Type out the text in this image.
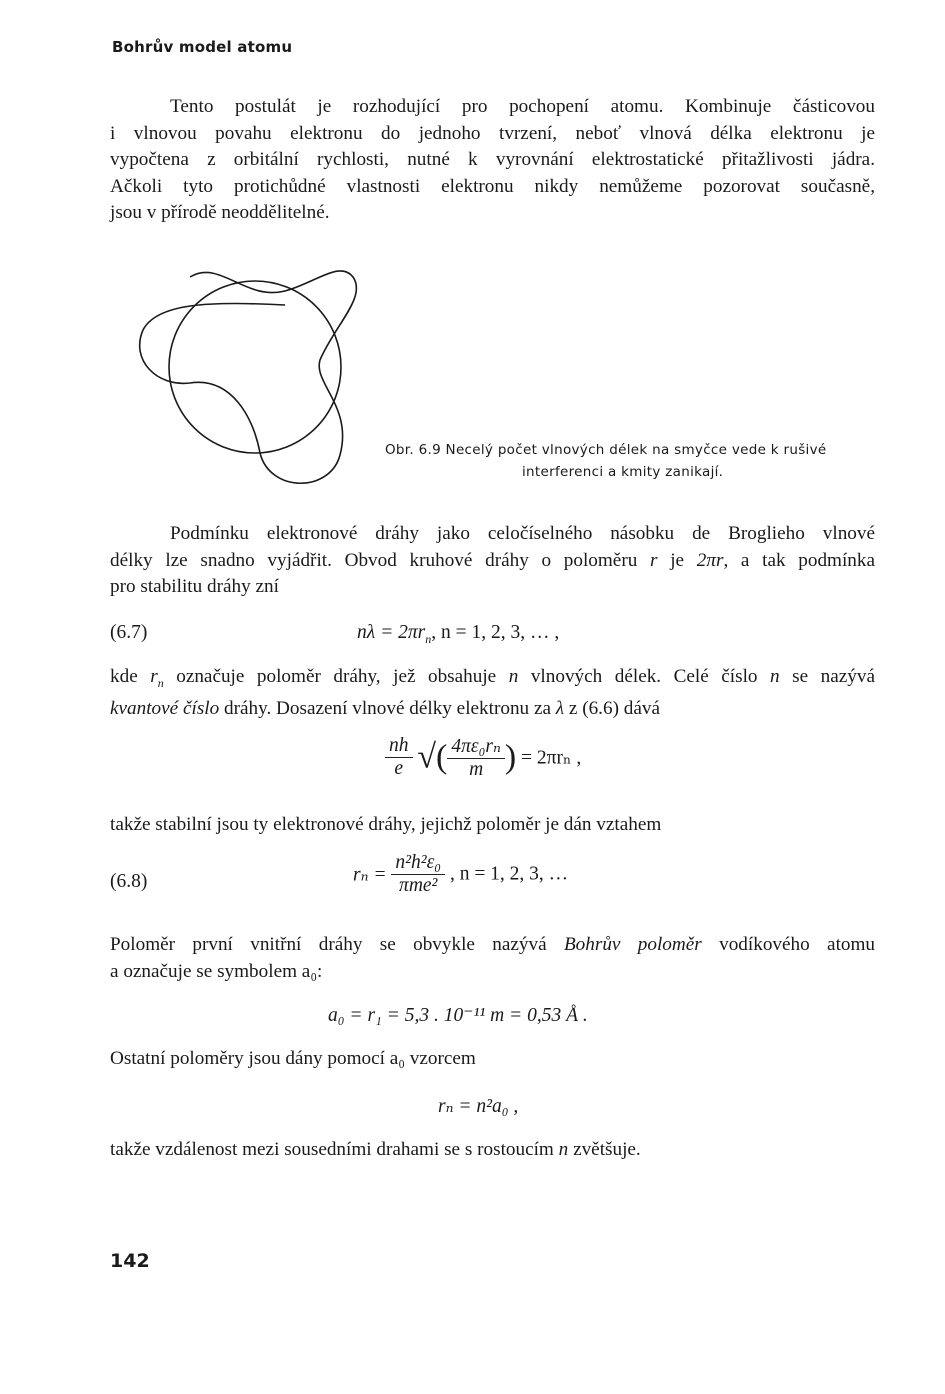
Bohrův model atomu
Tento postulát je rozhodující pro pochopení atomu. Kombinuje částicovou
i vlnovou povahu elektronu do jednoho tvrzení, neboť vlnová délka elektronu je
vypočtena z orbitální rychlosti, nutné k vyrovnání elektrostatické přitažlivosti jádra.
Ačkoli tyto protichůdné vlastnosti elektronu nikdy nemůžeme pozorovat současně,
jsou v přírodě neoddělitelné.
Obr. 6.9 Necelý počet vlnových délek na smyčce vede k rušivé
interferenci a kmity zanikají.
Podmínku elektronové dráhy jako celočíselného násobku de Broglieho vlnové
délky lze snadno vyjádřit. Obvod kruhové dráhy o poloměru r je 2πr, a tak podmínka
pro stabilitu dráhy zní
(6.7)	$n\lambda = 2\pi r_n$, n = 1, 2, 3, … ,
kde $r_n$ označuje poloměr dráhy, jež obsahuje n vlnových délek. Celé číslo n se nazývá
kvantové číslo dráhy. Dosazení vlnové délky elektronu za λ z (6.6) dává
$\frac{nh}{e}$ √( $\frac{\text{4πε₀rₙ}}{m}$ ) = 2πrₙ ,
takže stabilní jsou ty elektronové dráhy, jejichž poloměr je dán vztahem
(6.8)	$r_n = \frac{\text{n²h²ε₀}}{\text{πme²}}$ , n = 1, 2, 3, …
Poloměr první vnitřní dráhy se obvykle nazývá Bohrův poloměr vodíkového atomu
a označuje se symbolem a₀:
a₀ = r₁ = 5,3 . 10⁻¹¹ m = 0,53 Å .
Ostatní poloměry jsou dány pomocí a₀ vzorcem
rₙ = n²a₀ ,
takže vzdálenost mezi sousedními drahami se s rostoucím n zvětšuje.
142
